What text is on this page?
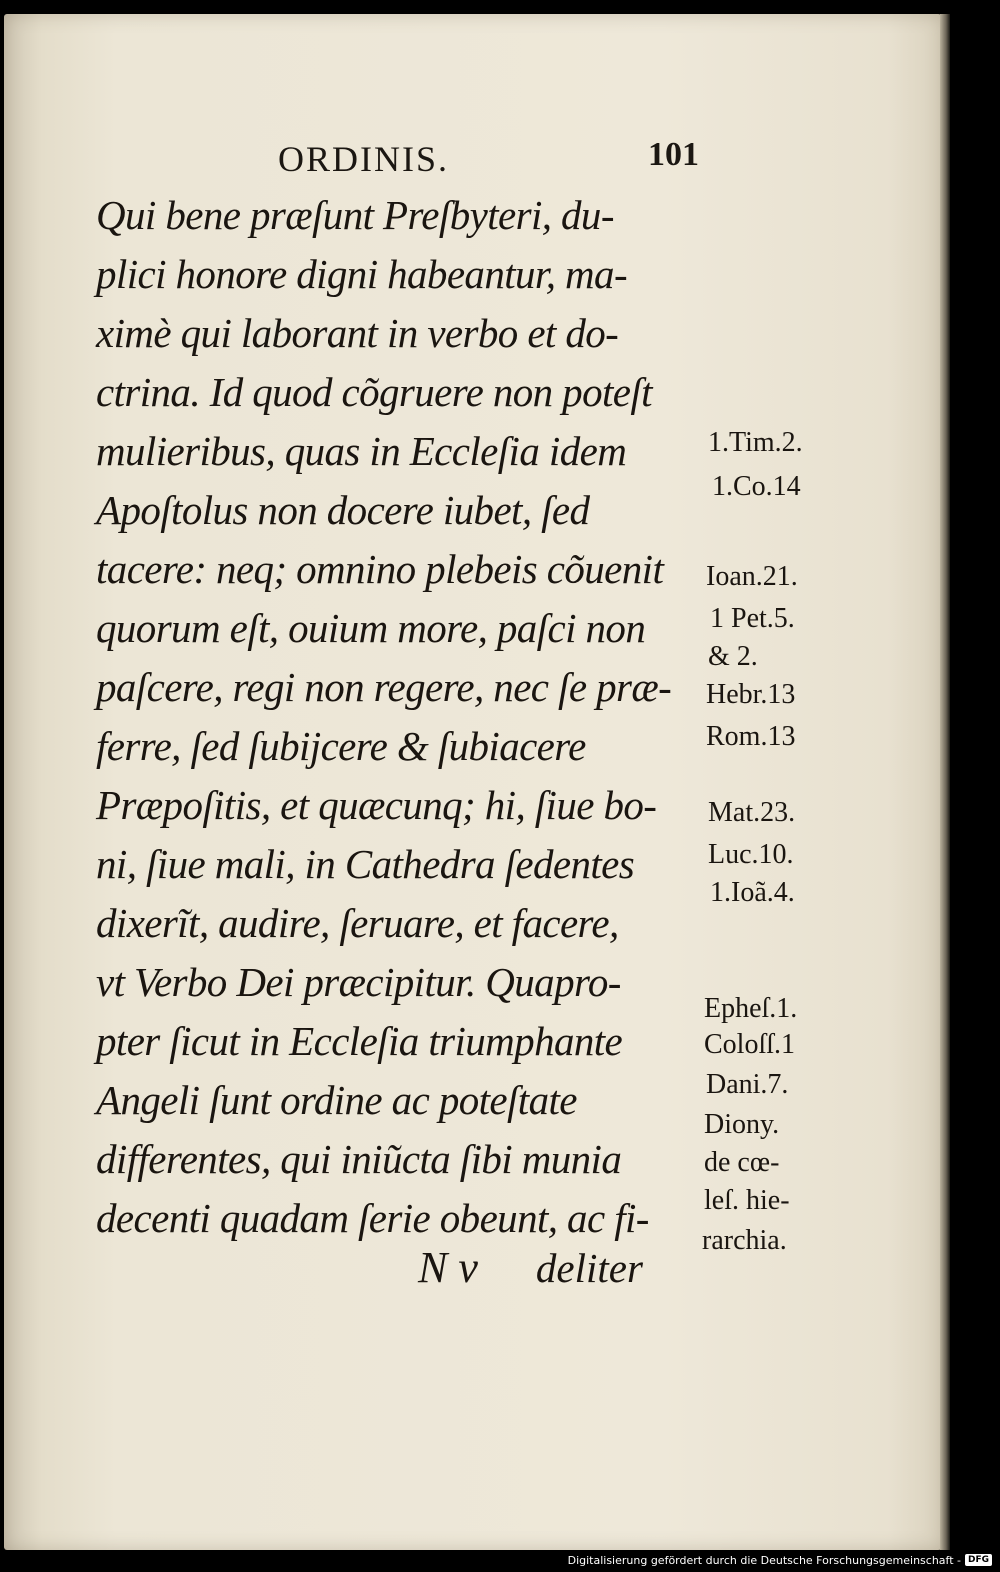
ORDINIS.	101
Qui bene præſunt Preſbyteri, du-
plici honore digni habeantur, ma-
ximè qui laborant in verbo et do-
ctrina. Id quod cõgruere non poteſt
mulieribus, quas in Eccleſia idem
Apoſtolus non docere iubet, ſed
tacere: neq; omnino plebeis cõuenit
quorum eſt, ouium more, paſci non
paſcere, regi non regere, nec ſe præ-
ferre, ſed ſubijcere & ſubiacere
Præpoſitis, et quæcunq; hi, ſiue bo-
ni, ſiue mali, in Cathedra ſedentes
dixerĩt, audire, ſeruare, et facere,
vt Verbo Dei præcipitur. Quapro-
pter ſicut in Eccleſia triumphante
Angeli ſunt ordine ac poteſtate
differentes, qui iniũcta ſibi munia
decenti quadam ſerie obeunt, ac fi-
N v deliter
1.Tim.2.
1.Co.14
Ioan.21.
1 Pet.5.
& 2.
Hebr.13
Rom.13
Mat.23.
Luc.10.
1.Ioã.4.
Epheſ.1.
Coloſſ.1
Dani.7.
Diony.
de cœ-
leſ. hie-
rarchia.
Digitalisierung gefördert durch die Deutsche Forschungsgemeinschaft - DFG
